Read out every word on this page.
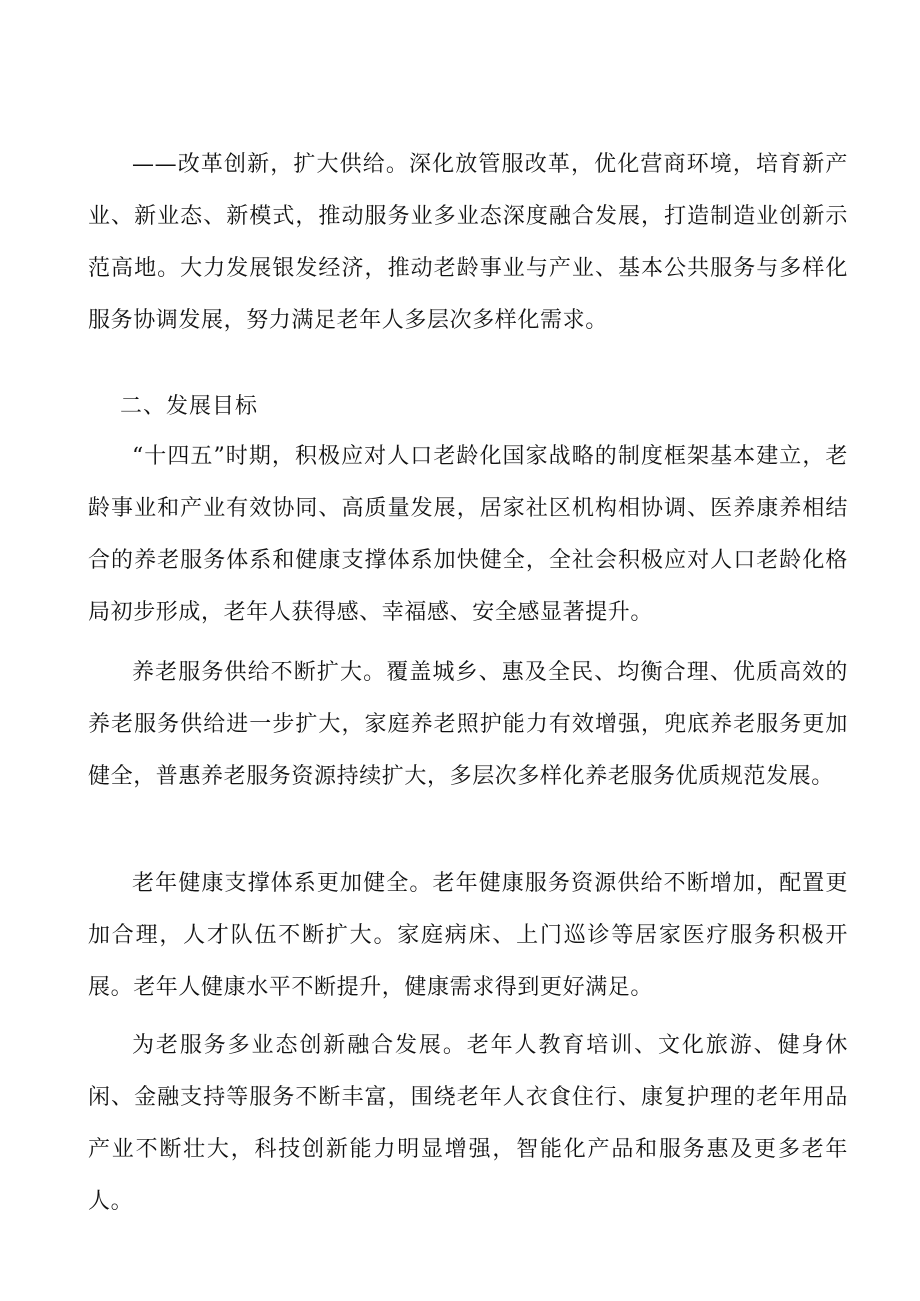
——改革创新，扩大供给。深化放管服改革，优化营商环境，培育新产业、新业态、新模式，推动服务业多业态深度融合发展，打造制造业创新示范高地。大力发展银发经济，推动老龄事业与产业、基本公共服务与多样化服务协调发展，努力满足老年人多层次多样化需求。

二、发展目标

“十四五”时期，积极应对人口老龄化国家战略的制度框架基本建立，老龄事业和产业有效协同、高质量发展，居家社区机构相协调、医养康养相结合的养老服务体系和健康支撑体系加快健全，全社会积极应对人口老龄化格局初步形成，老年人获得感、幸福感、安全感显著提升。

养老服务供给不断扩大。覆盖城乡、惠及全民、均衡合理、优质高效的养老服务供给进一步扩大，家庭养老照护能力有效增强，兜底养老服务更加健全，普惠养老服务资源持续扩大，多层次多样化养老服务优质规范发展。

老年健康支撑体系更加健全。老年健康服务资源供给不断增加，配置更加合理，人才队伍不断扩大。家庭病床、上门巡诊等居家医疗服务积极开展。老年人健康水平不断提升，健康需求得到更好满足。

为老服务多业态创新融合发展。老年人教育培训、文化旅游、健身休闲、金融支持等服务不断丰富，围绕老年人衣食住行、康复护理的老年用品产业不断壮大，科技创新能力明显增强，智能化产品和服务惠及更多老年人。
